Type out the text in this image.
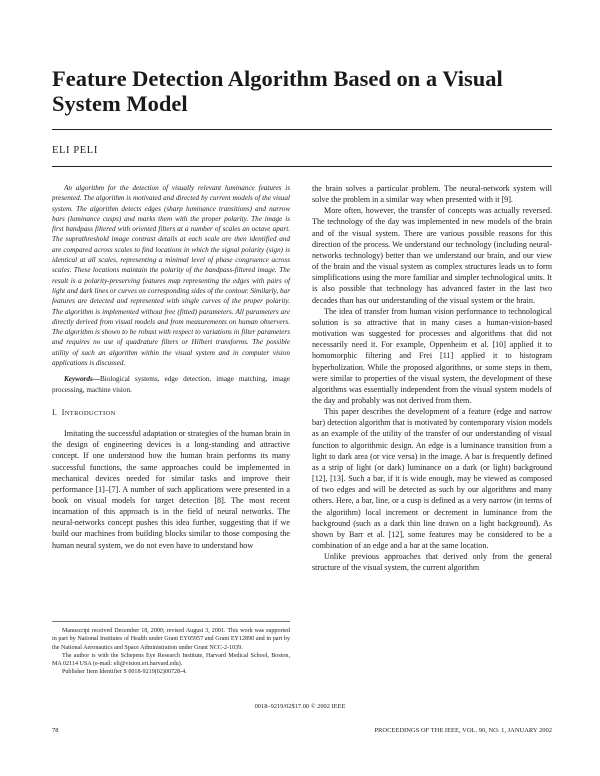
Feature Detection Algorithm Based on a Visual System Model
ELI PELI

An algorithm for the detection of visually relevant luminance features is presented. The algorithm is motivated and directed by current models of the visual system. The algorithm detects edges (sharp luminance transitions) and narrow bars (luminance cusps) and marks them with the proper polarity. The image is first bandpass filtered with oriented filters at a number of scales an octave apart. The suprathreshold image contrast details at each scale are then identified and are compared across scales to find locations in which the signal polarity (sign) is identical at all scales, representing a minimal level of phase congruence across scales. These locations maintain the polarity of the bandpass-filtered image. The result is a polarity-preserving features map representing the edges with pairs of light and dark lines or curves on corresponding sides of the contour. Similarly, bar features are detected and represented with single curves of the proper polarity. The algorithm is implemented without free (fitted) parameters. All parameters are directly derived from visual models and from measurements on human observers. The algorithm is shown to be robust with respect to variations in filter parameters and requires no use of quadrature filters or Hilbert transforms. The possible utility of such an algorithm within the visual system and in computer vision applications is discussed.

Keywords—Biological systems, edge detection, image matching, image processing, machine vision.

I. INTRODUCTION

Imitating the successful adaptation or strategies of the human brain in the design of engineering devices is a long-standing and attractive concept. If one understood how the human brain performs its many successful functions, the same approaches could be implemented in mechanical devices needed for similar tasks and improve their performance [1]–[7]. A number of such applications were presented in a book on visual models for target detection [8]. The most recent incarnation of this approach is in the field of neural networks. The neural-networks concept pushes this idea further, suggesting that if we build our machines from building blocks similar to those composing the human neural system, we do not even have to understand how

Manuscript received December 18, 2000; revised August 3, 2001. This work was supported in part by National Institutes of Health under Grant EY05957 and Grant EY12890 and in part by the National Aeronautics and Space Administration under Grant NCC-2-1039.

The author is with the Schepens Eye Research Institute, Harvard Medical School, Boston, MA 02114 USA (e-mail: eli@vision.eri.harvard.edu).

Publisher Item Identifier S 0018-9219(02)00728-4.

the brain solves a particular problem. The neural-network system will solve the problem in a similar way when presented with it [9].

More often, however, the transfer of concepts was actually reversed. The technology of the day was implemented in new models of the brain and of the visual system. There are various possible reasons for this direction of the process. We understand our technology (including neural-networks technology) better than we understand our brain, and our view of the brain and the visual system as complex structures leads us to form simplifications using the more familiar and simpler technological units. It is also possible that technology has advanced faster in the last two decades than has our understanding of the visual system or the brain.

The idea of transfer from human vision performance to technological solution is so attractive that in many cases a human-vision-based motivation was suggested for processes and algorithms that did not necessarily need it. For example, Oppenheim et al. [10] applied it to homomorphic filtering and Frei [11] applied it to histogram hyperbolization. While the proposed algorithms, or some steps in them, were similar to properties of the visual system, the development of these algorithms was essentially independent from the visual system models of the day and probably was not derived from them.

This paper describes the development of a feature (edge and narrow bar) detection algorithm that is motivated by contemporary vision models as an example of the utility of the transfer of our understanding of visual function to algorithmic design. An edge is a luminance transition from a light to dark area (or vice versa) in the image. A bar is frequently defined as a strip of light (or dark) luminance on a dark (or light) background [12], [13]. Such a bar, if it is wide enough, may be viewed as composed of two edges and will be detected as such by our algorithms and many others. Here, a bar, line, or a cusp is defined as a very narrow (in terms of the algorithm) local increment or decrement in luminance from the background (such as a dark thin line drawn on a light background). As shown by Barr et al. [12], some features may be considered to be a combination of an edge and a bar at the same location.

Unlike previous approaches that derived only from the general structure of the visual system, the current algorithm

0018–9219/02$17.00 © 2002 IEEE
78	PROCEEDINGS OF THE IEEE, VOL. 90, NO. 1, JANUARY 2002
